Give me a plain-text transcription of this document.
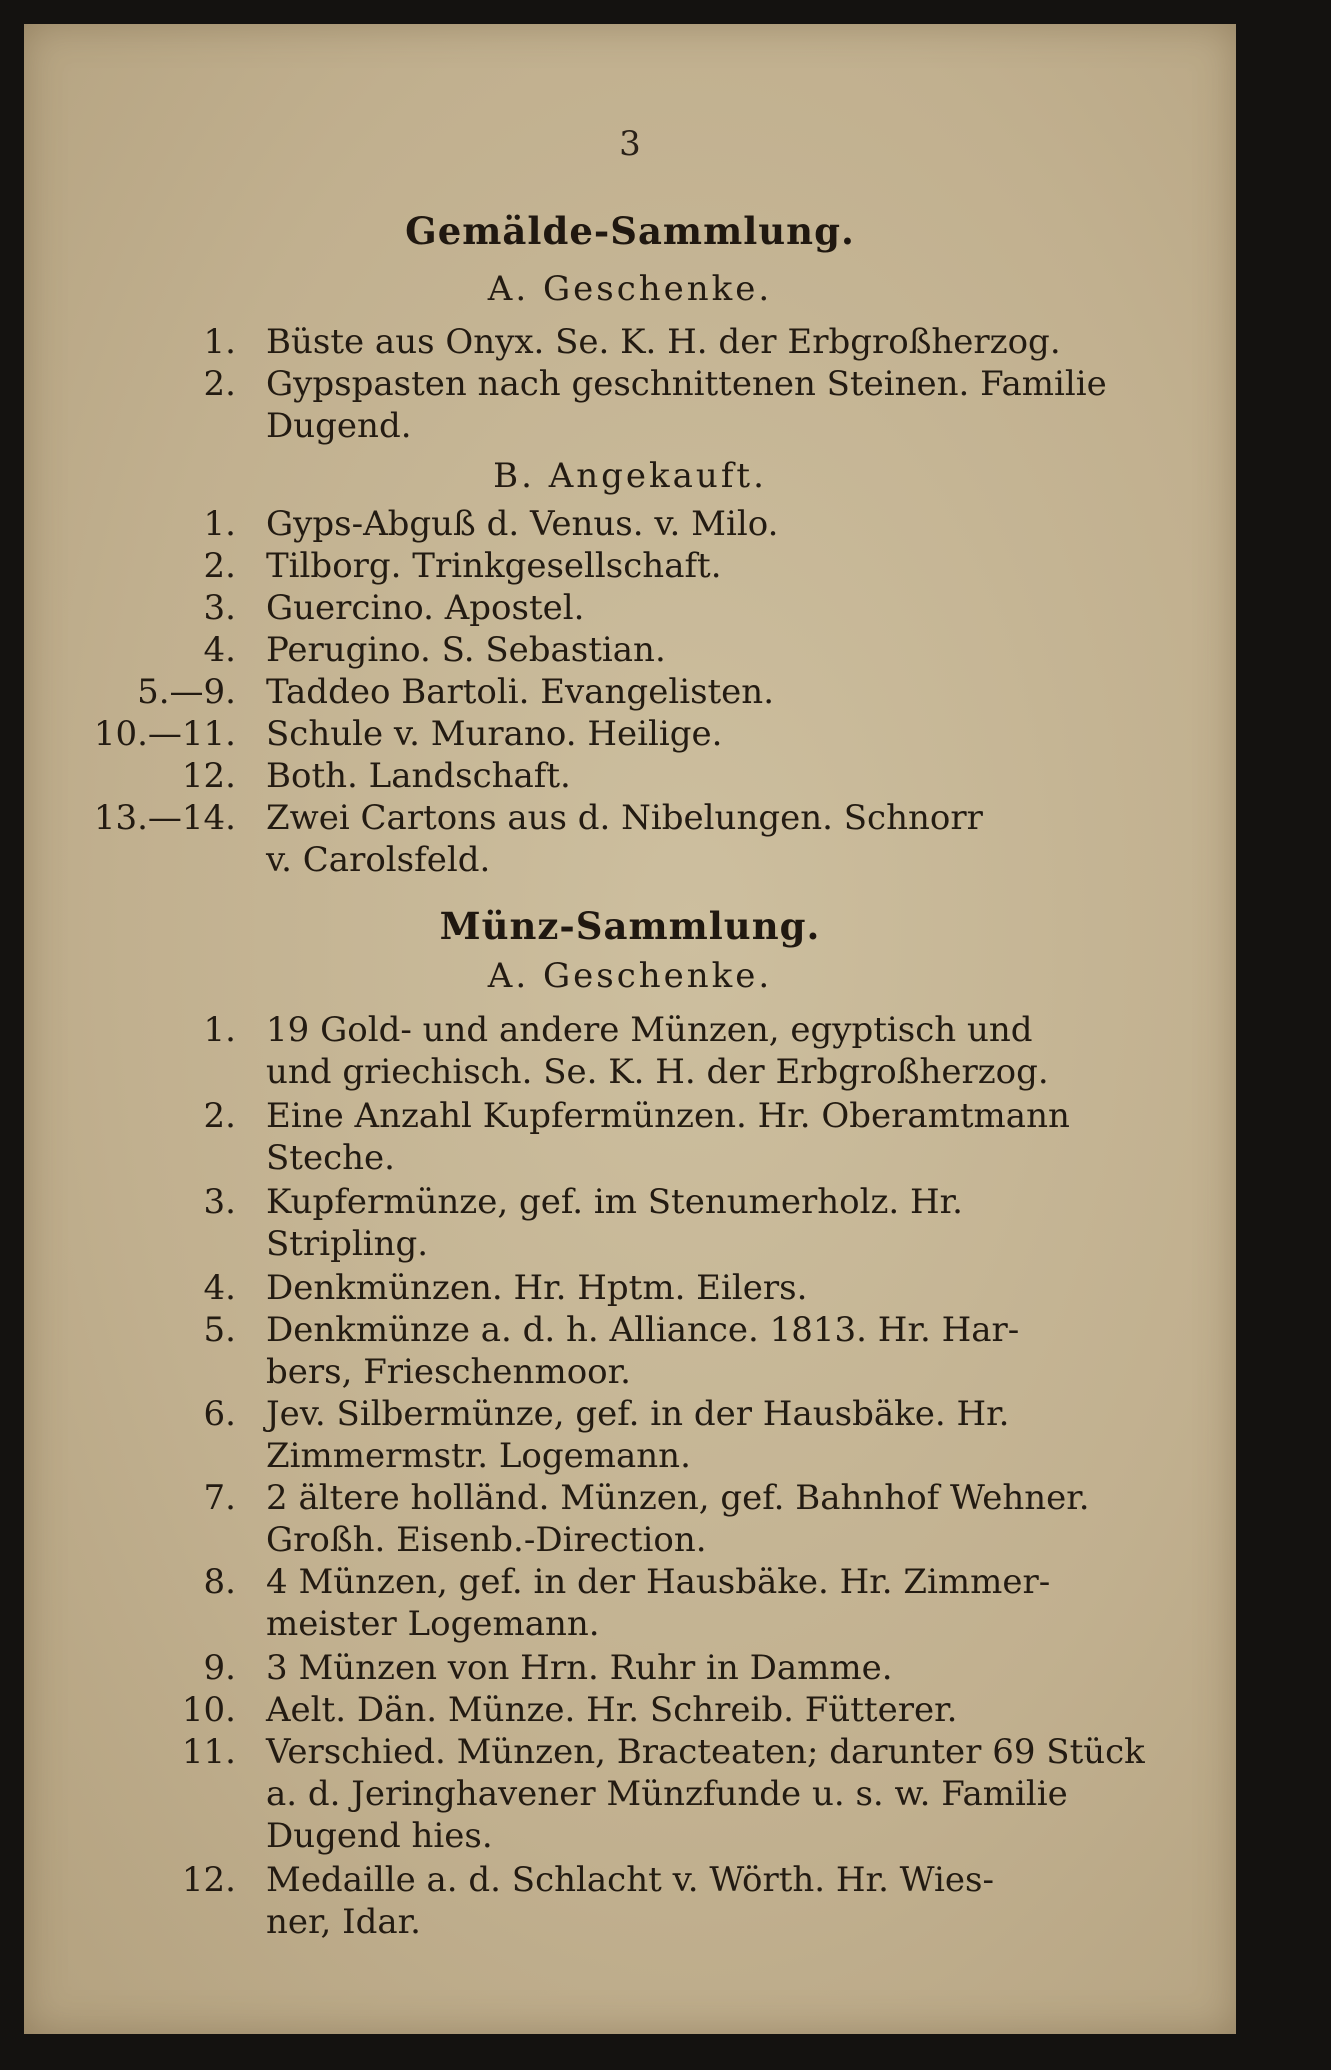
3
Gemälde-Sammlung.
A. Geschenke.
1. Büste aus Onyx. Se. K. H. der Erbgroßherzog.
2. Gypspasten nach geschnittenen Steinen. Familie
Dugend.
B. Angekauft.
1. Gyps-Abguß d. Venus. v. Milo.
2. Tilborg. Trinkgesellschaft.
3. Guercino. Apostel.
4. Perugino. S. Sebastian.
5.—9. Taddeo Bartoli. Evangelisten.
10.—11. Schule v. Murano. Heilige.
12. Both. Landschaft.
13.—14. Zwei Cartons aus d. Nibelungen. Schnorr
v. Carolsfeld.
Münz-Sammlung.
A. Geschenke.
1. 19 Gold- und andere Münzen, egyptisch und
und griechisch. Se. K. H. der Erbgroßherzog.
2. Eine Anzahl Kupfermünzen. Hr. Oberamtmann
Steche.
3. Kupfermünze, gef. im Stenumerholz. Hr.
Stripling.
4. Denkmünzen. Hr. Hptm. Eilers.
5. Denkmünze a. d. h. Alliance. 1813. Hr. Har-
bers, Frieschenmoor.
6. Jev. Silbermünze, gef. in der Hausbäke. Hr.
Zimmermstr. Logemann.
7. 2 ältere holländ. Münzen, gef. Bahnhof Wehner.
Großh. Eisenb.-Direction.
8. 4 Münzen, gef. in der Hausbäke. Hr. Zimmer-
meister Logemann.
9. 3 Münzen von Hrn. Ruhr in Damme.
10. Aelt. Dän. Münze. Hr. Schreib. Fütterer.
11. Verschied. Münzen, Bracteaten; darunter 69 Stück
a. d. Jeringhavener Münzfunde u. s. w. Familie
Dugend hies.
12. Medaille a. d. Schlacht v. Wörth. Hr. Wies-
ner, Idar.
